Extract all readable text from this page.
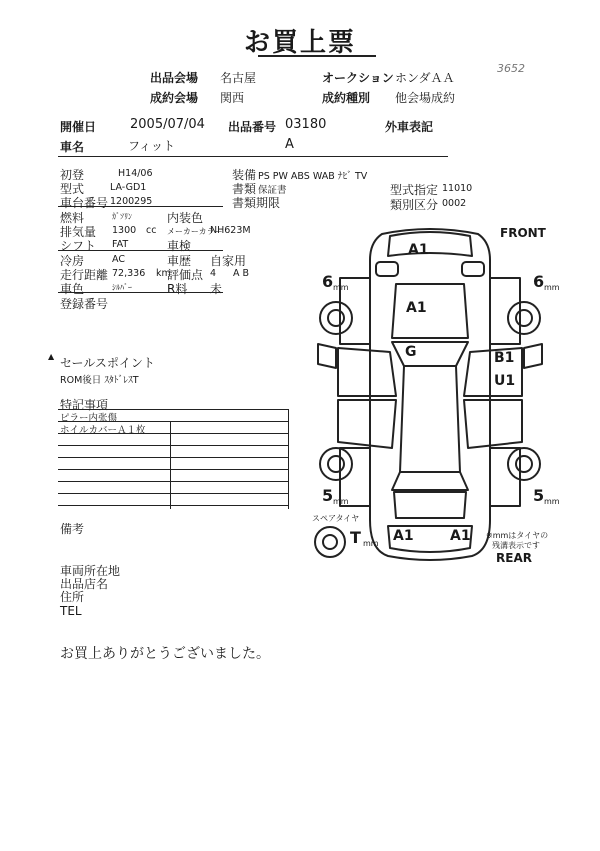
お買上票
3652
出品会場 名古屋	オークション ホンダＡＡ
成約会場 関西	成約種別 他会場成約
開催日	2005/07/04 出品番号 03180	外車表記
車名	フィット	A
初登	H14/06
型式	LA-GD1
車台番号 1200295
燃料	ｶﾞｿﾘﾝ	内装色
排気量 1300 cc メーカーカラー
NH623M
シフト FAT	車検
冷房	AC	車歴 自家用
走行距離 72,336 km
評価点 4 A B
車色	ｼﾙﾊﾞｰ	R料 未
登録番号
装備 PS PW ABS WAB ﾅﾋﾞ TV
書類 保証書
書類期限
型式指定 11010
類別区分 0002
▲ セールスポイント
ROM後日 ｽﾀﾄﾞﾚｽT
特記事項
ピラー内张傷
ホイルカバーＡ１枚
備考
車両所在地
出品店名
住所
TEL
お買上ありがとうございました。
FRONT
REAR
A1
A1
G	B1
U1
A1	A1
6 mm	6 mm
5 mm	5 mm
スペアタイヤ
T mm
※mmはタイヤの
残溝表示です
